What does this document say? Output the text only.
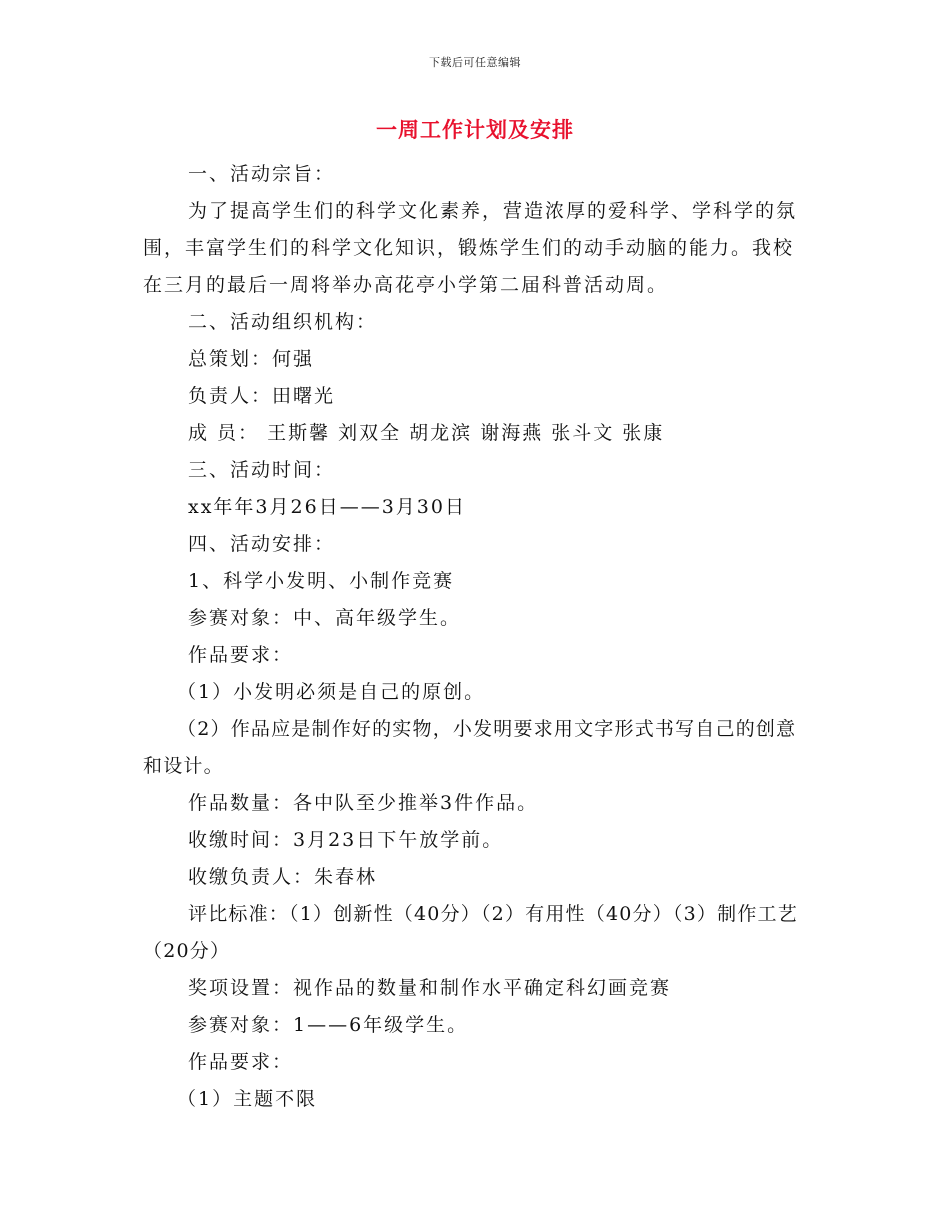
下载后可任意编辑
一周工作计划及安排

一、活动宗旨：

为了提高学生们的科学文化素养，营造浓厚的爱科学、学科学的氛围，丰富学生们的科学文化知识，锻炼学生们的动手动脑的能力。我校在三月的最后一周将举办高花亭小学第二届科普活动周。

二、活动组织机构：

总策划：何强

负责人：田曙光

成 员： 王斯馨 刘双全 胡龙滨 谢海燕 张斗文 张康

三、活动时间：

xx年年3月26日——3月30日

四、活动安排：

1、科学小发明、小制作竞赛

参赛对象：中、高年级学生。

作品要求：

（1）小发明必须是自己的原创。

（2）作品应是制作好的实物，小发明要求用文字形式书写自己的创意和设计。

作品数量：各中队至少推举3件作品。

收缴时间：3月23日下午放学前。

收缴负责人：朱春林

评比标准：（1）创新性（40分）（2）有用性（40分）（3）制作工艺（20分）

奖项设置：视作品的数量和制作水平确定科幻画竞赛

参赛对象：1——6年级学生。

作品要求：

（1）主题不限
